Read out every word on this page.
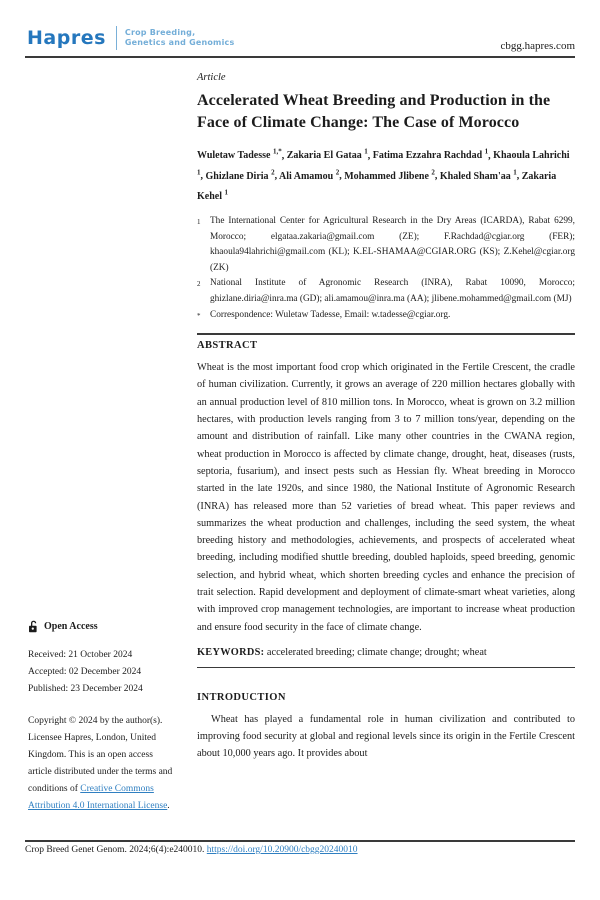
Hapres Crop Breeding,
Genetics and Genomics	cbgg.hapres.com
Open Access
Received: 21 October 2024
Accepted: 02 December 2024
Published: 23 December 2024
Copyright © 2024 by the author(s). Licensee Hapres, London, United Kingdom. This is an open access article distributed under the terms and conditions of Creative Commons Attribution 4.0 International License.
Article
Accelerated Wheat Breeding and Production in the Face of Climate Change: The Case of Morocco
Wuletaw Tadesse $^{1,*}$, Zakaria El Gataa $^1$, Fatima Ezzahra Rachdad $^1$, Khaoula Lahrichi $^1$, Ghizlane Diria $^2$, Ali Amamou $^2$, Mohammed Jlibene $^2$, Khaled Sham'aa $^1$, Zakaria Kehel $^1$
1	The International Center for Agricultural Research in the Dry Areas (ICARDA), Rabat 6299, Morocco; elgataa.zakaria@gmail.com (ZE); F.Rachdad@cgiar.org (FER); khaoula94lahrichi@gmail.com (KL); K.EL-SHAMAA@CGIAR.ORG (KS); Z.Kehel@cgiar.org (ZK)
2	National Institute of Agronomic Research (INRA), Rabat 10090, Morocco; ghizlane.diria@inra.ma (GD); ali.amamou@inra.ma (AA); jlibene.mohammed@gmail.com (MJ)
*	Correspondence: Wuletaw Tadesse, Email: w.tadesse@cgiar.org.
ABSTRACT

Wheat is the most important food crop which originated in the Fertile Crescent, the cradle of human civilization. Currently, it grows an average of 220 million hectares globally with an annual production level of 810 million tons. In Morocco, wheat is grown on 3.2 million hectares, with production levels ranging from 3 to 7 million tons/year, depending on the amount and distribution of rainfall. Like many other countries in the CWANA region, wheat production in Morocco is affected by climate change, drought, heat, diseases (rusts, septoria, fusarium), and insect pests such as Hessian fly. Wheat breeding in Morocco started in the late 1920s, and since 1980, the National Institute of Agronomic Research (INRA) has released more than 52 varieties of bread wheat. This paper reviews and summarizes the wheat production and challenges, including the seed system, the wheat breeding history and methodologies, achievements, and prospects of accelerated wheat breeding, including modified shuttle breeding, doubled haploids, speed breeding, genomic selection, and hybrid wheat, which shorten breeding cycles and enhance the precision of trait selection. Rapid development and deployment of climate-smart wheat varieties, along with improved crop management technologies, are important to increase wheat production and ensure food security in the face of climate change.

KEYWORDS: accelerated breeding; climate change; drought; wheat
INTRODUCTION

Wheat has played a fundamental role in human civilization and contributed to improving food security at global and regional levels since its origin in the Fertile Crescent about 10,000 years ago. It provides about

Crop Breed Genet Genom. 2024;6(4):e240010. https://doi.org/10.20900/cbgg20240010
